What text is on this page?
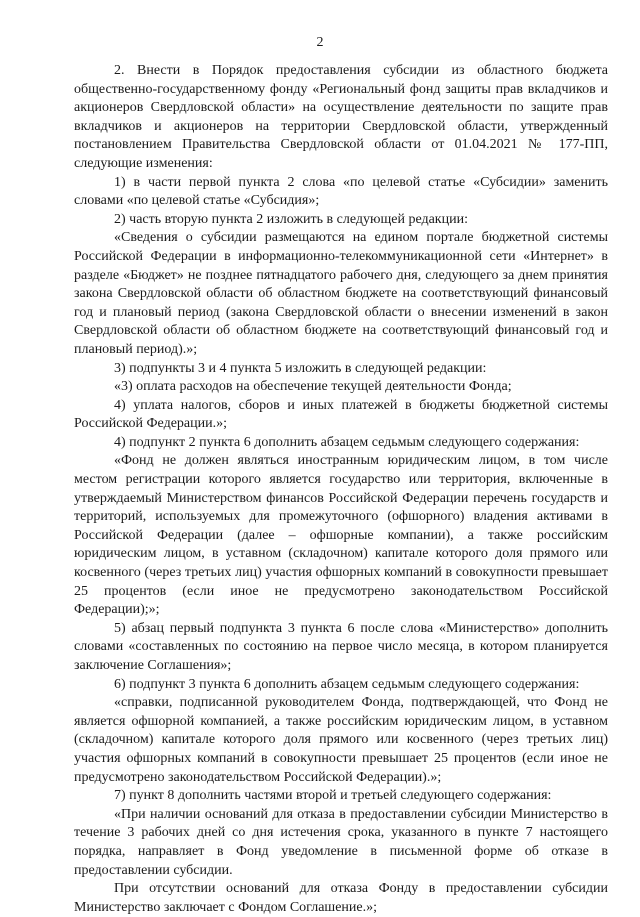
2

2. Внести в Порядок предоставления субсидии из областного бюджета общественно-государственному фонду «Региональный фонд защиты прав вкладчиков и акционеров Свердловской области» на осуществление деятельности по защите прав вкладчиков и акционеров на территории Свердловской области, утвержденный постановлением Правительства Свердловской области от 01.04.2021 № 177-ПП, следующие изменения:

1) в части первой пункта 2 слова «по целевой статье «Субсидии» заменить словами «по целевой статье «Субсидия»;

2) часть вторую пункта 2 изложить в следующей редакции:

«Сведения о субсидии размещаются на едином портале бюджетной системы Российской Федерации в информационно-телекоммуникационной сети «Интернет» в разделе «Бюджет» не позднее пятнадцатого рабочего дня, следующего за днем принятия закона Свердловской области об областном бюджете на соответствующий финансовый год и плановый период (закона Свердловской области о внесении изменений в закон Свердловской области об областном бюджете на соответствующий финансовый год и плановый период).»;

3) подпункты 3 и 4 пункта 5 изложить в следующей редакции:

«3) оплата расходов на обеспечение текущей деятельности Фонда;

4) уплата налогов, сборов и иных платежей в бюджеты бюджетной системы Российской Федерации.»;

4) подпункт 2 пункта 6 дополнить абзацем седьмым следующего содержания:

«Фонд не должен являться иностранным юридическим лицом, в том числе местом регистрации которого является государство или территория, включенные в утверждаемый Министерством финансов Российской Федерации перечень государств и территорий, используемых для промежуточного (офшорного) владения активами в Российской Федерации (далее – офшорные компании), а также российским юридическим лицом, в уставном (складочном) капитале которого доля прямого или косвенного (через третьих лиц) участия офшорных компаний в совокупности превышает 25 процентов (если иное не предусмотрено законодательством Российской Федерации);»;

5) абзац первый подпункта 3 пункта 6 после слова «Министерство» дополнить словами «составленных по состоянию на первое число месяца, в котором планируется заключение Соглашения»;

6) подпункт 3 пункта 6 дополнить абзацем седьмым следующего содержания:

«справки, подписанной руководителем Фонда, подтверждающей, что Фонд не является офшорной компанией, а также российским юридическим лицом, в уставном (складочном) капитале которого доля прямого или косвенного (через третьих лиц) участия офшорных компаний в совокупности превышает 25 процентов (если иное не предусмотрено законодательством Российской Федерации).»;

7) пункт 8 дополнить частями второй и третьей следующего содержания:

«При наличии оснований для отказа в предоставлении субсидии Министерство в течение 3 рабочих дней со дня истечения срока, указанного в пункте 7 настоящего порядка, направляет в Фонд уведомление в письменной форме об отказе в предоставлении субсидии.

При отсутствии оснований для отказа Фонду в предоставлении субсидии Министерство заключает с Фондом Соглашение.»;
